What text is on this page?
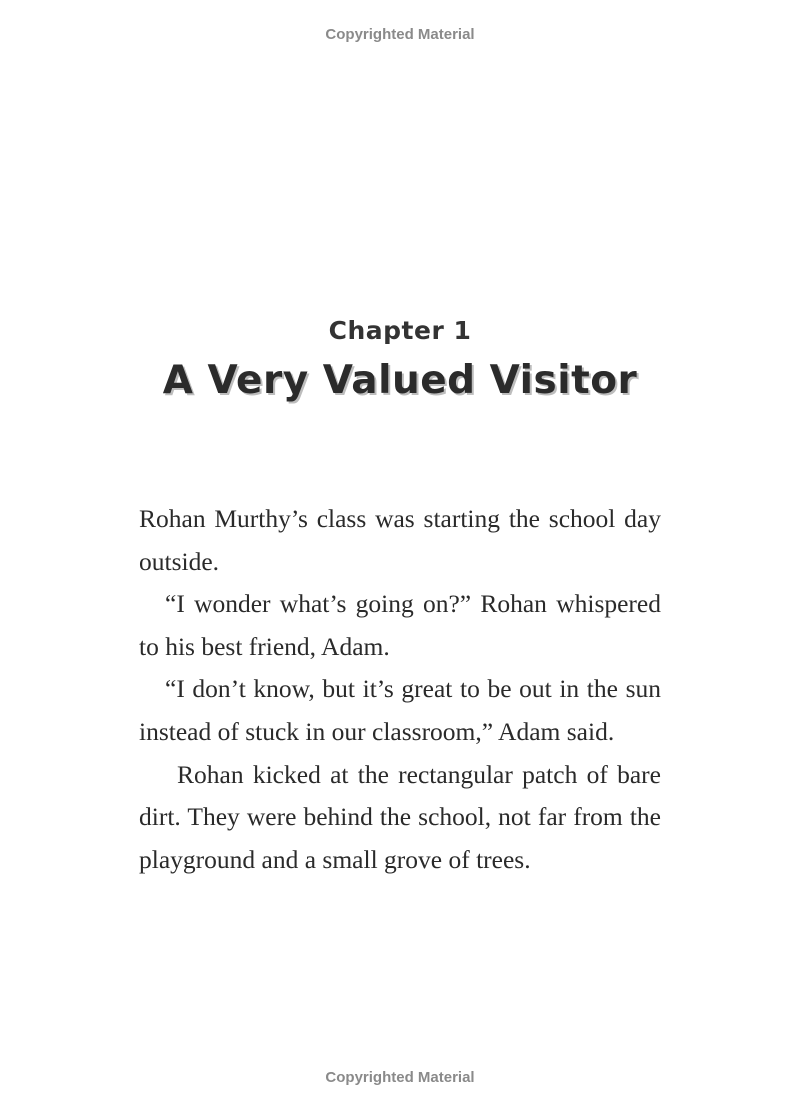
Copyrighted Material
Chapter 1
A Very Valued Visitor

Rohan Murthy’s class was starting the school day outside.

“I wonder what’s going on?” Rohan whispered to his best friend, Adam.

“I don’t know, but it’s great to be out in the sun instead of stuck in our classroom,” Adam said.

Rohan kicked at the rectangular patch of bare dirt. They were behind the school, not far from the playground and a small grove of trees.

Copyrighted Material
